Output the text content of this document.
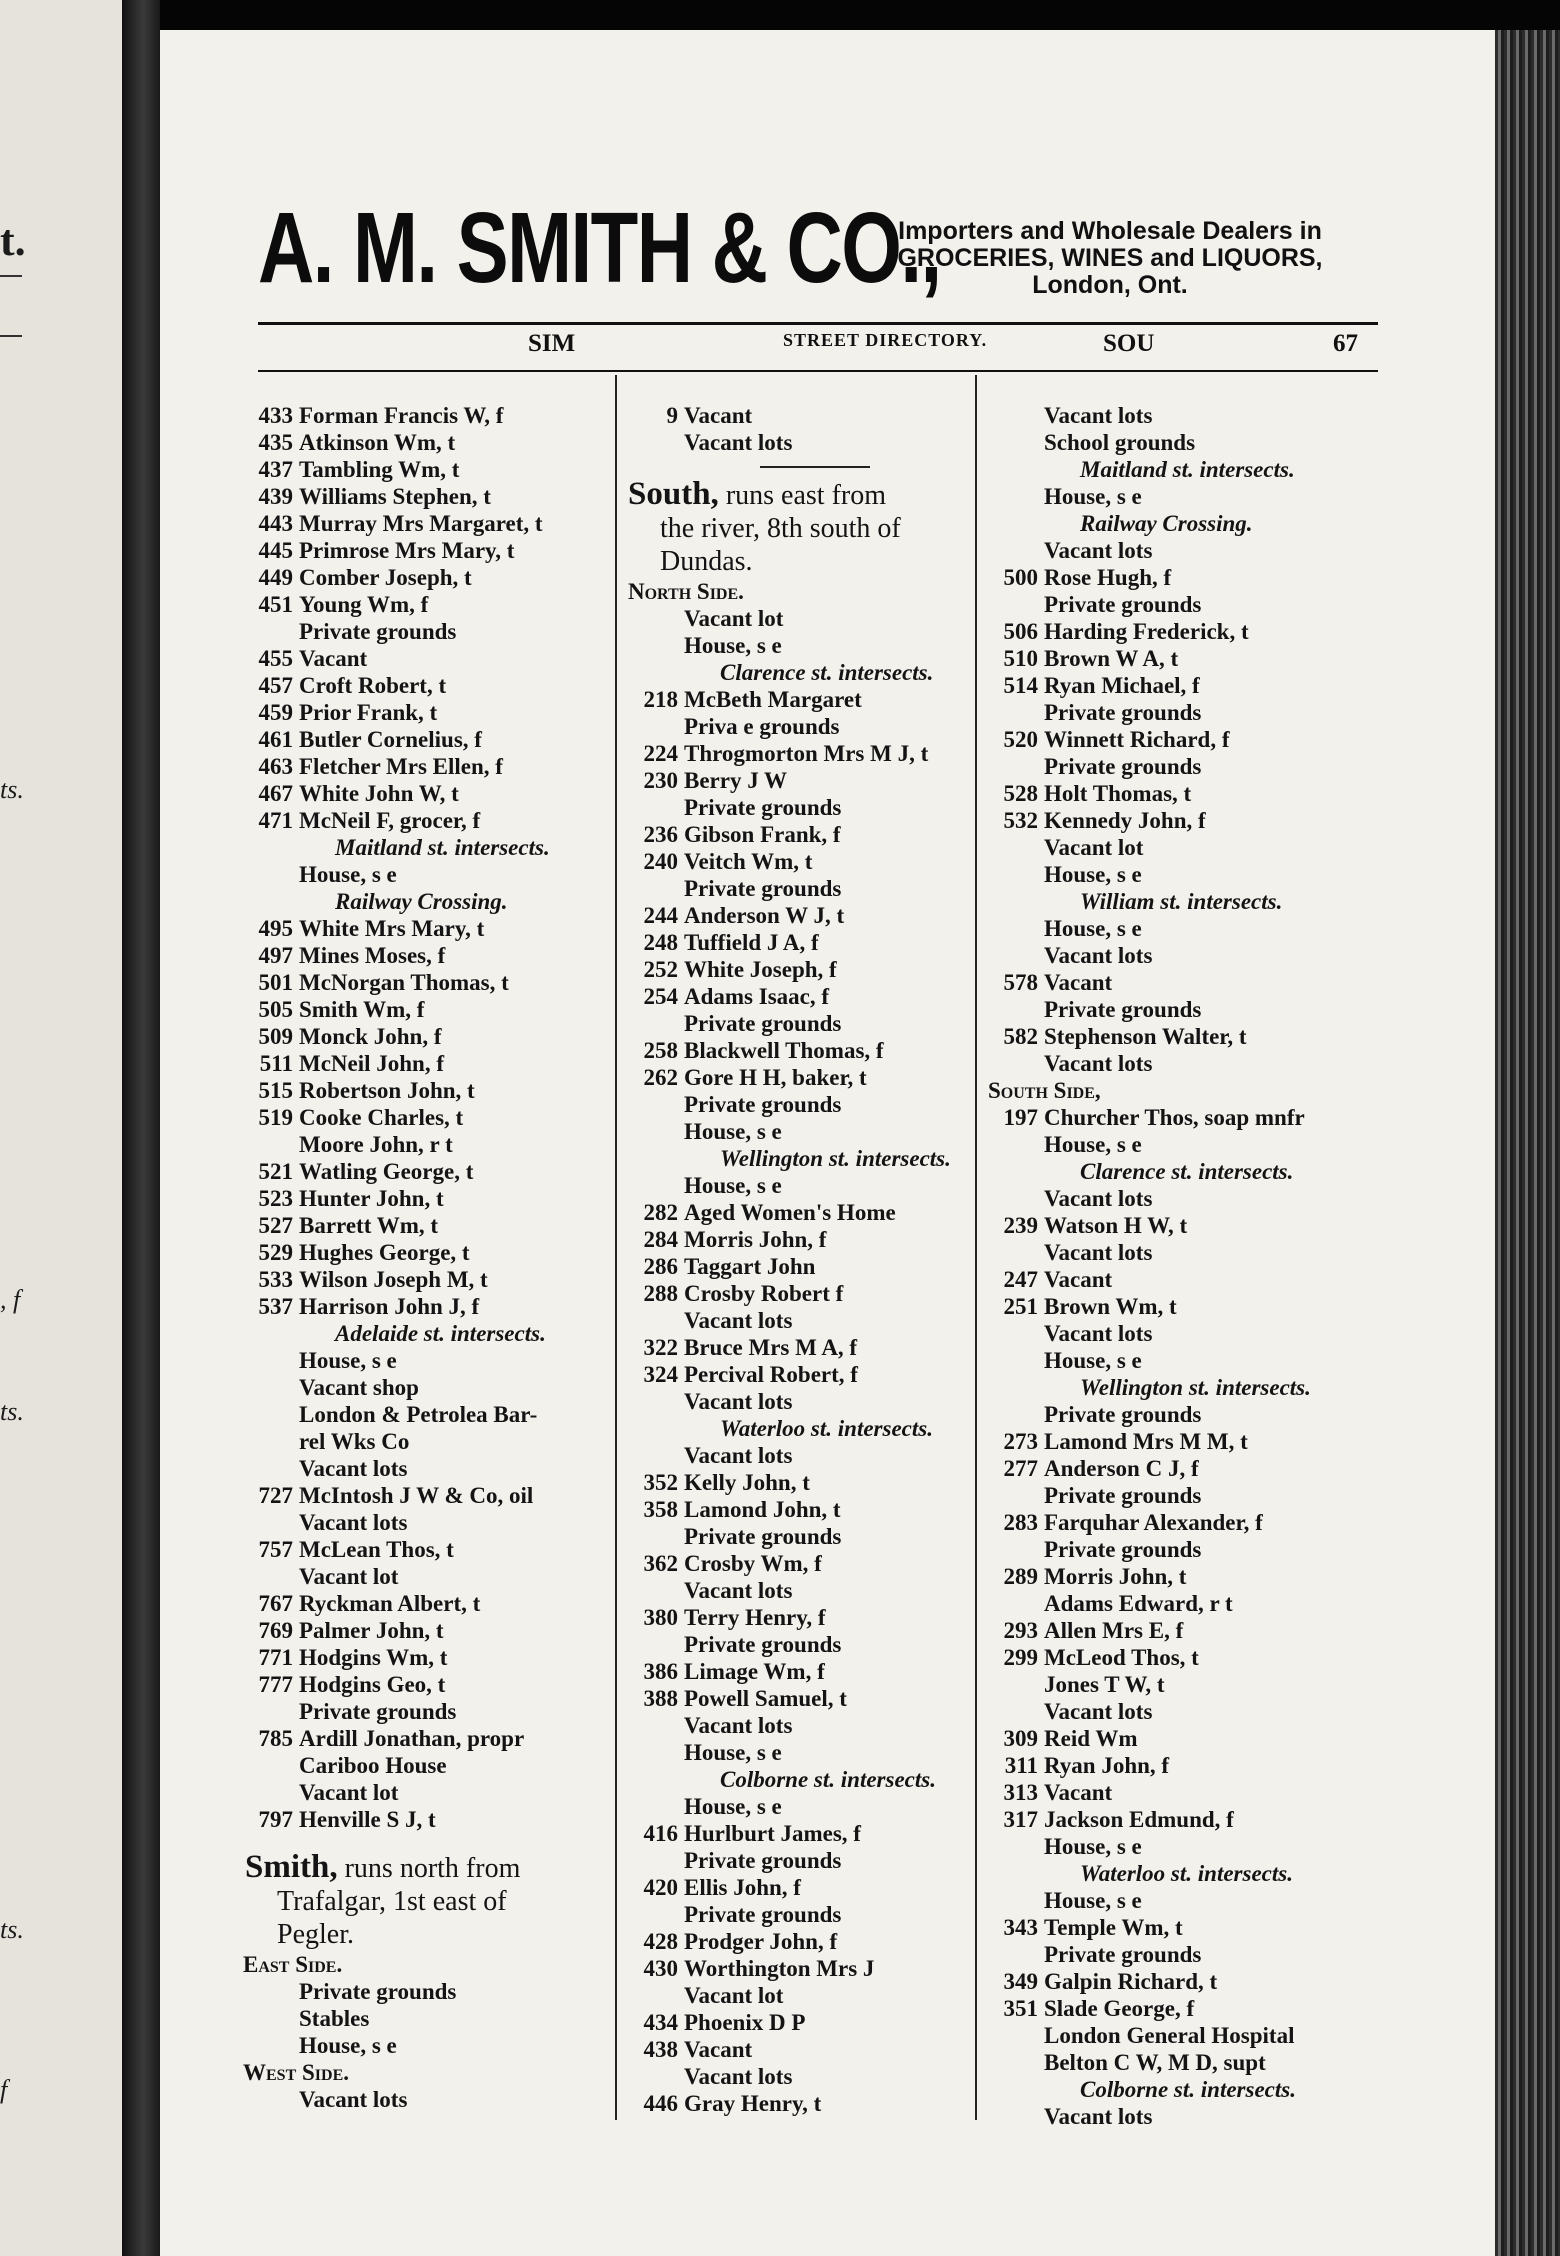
t.
ts.
, f
ts.
ts.
f
A. M. SMITH & CO.,
Importers and Wholesale Dealers in
GROCERIES, WINES and LIQUORS,
London, Ont.
SIM	STREET DIRECTORY.	SOU	67
433 Forman Francis W, f
435 Atkinson Wm, t
437 Tambling Wm, t
439 Williams Stephen, t
443 Murray Mrs Margaret, t
445 Primrose Mrs Mary, t
449 Comber Joseph, t
451 Young Wm, f
Private grounds
455 Vacant
457 Croft Robert, t
459 Prior Frank, t
461 Butler Cornelius, f
463 Fletcher Mrs Ellen, f
467 White John W, t
471 McNeil F, grocer, f
Maitland st. intersects.
House, s e
Railway Crossing.
495 White Mrs Mary, t
497 Mines Moses, f
501 McNorgan Thomas, t
505 Smith Wm, f
509 Monck John, f
511 McNeil John, f
515 Robertson John, t
519 Cooke Charles, t
Moore John, r t
521 Watling George, t
523 Hunter John, t
527 Barrett Wm, t
529 Hughes George, t
533 Wilson Joseph M, t
537 Harrison John J, f
Adelaide st. intersects.
House, s e
Vacant shop
London & Petrolea Bar-
rel Wks Co
Vacant lots
727 McIntosh J W & Co, oil
Vacant lots
757 McLean Thos, t
Vacant lot
767 Ryckman Albert, t
769 Palmer John, t
771 Hodgins Wm, t
777 Hodgins Geo, t
Private grounds
785 Ardill Jonathan, propr
Cariboo House
Vacant lot
797 Henville S J, t
Smith, runs north from
Trafalgar, 1st east of
Pegler.
East Side.
Private grounds
Stables
House, s e
West Side.
Vacant lots
9 Vacant
Vacant lots
South, runs east from
the river, 8th south of
Dundas.
North Side.
Vacant lot
House, s e
Clarence st. intersects.
218 McBeth Margaret
Priva e grounds
224 Throgmorton Mrs M J, t
230 Berry J W
Private grounds
236 Gibson Frank, f
240 Veitch Wm, t
Private grounds
244 Anderson W J, t
248 Tuffield J A, f
252 White Joseph, f
254 Adams Isaac, f
Private grounds
258 Blackwell Thomas, f
262 Gore H H, baker, t
Private grounds
House, s e
Wellington st. intersects.
House, s e
282 Aged Women's Home
284 Morris John, f
286 Taggart John
288 Crosby Robert f
Vacant lots
322 Bruce Mrs M A, f
324 Percival Robert, f
Vacant lots
Waterloo st. intersects.
Vacant lots
352 Kelly John, t
358 Lamond John, t
Private grounds
362 Crosby Wm, f
Vacant lots
380 Terry Henry, f
Private grounds
386 Limage Wm, f
388 Powell Samuel, t
Vacant lots
House, s e
Colborne st. intersects.
House, s e
416 Hurlburt James, f
Private grounds
420 Ellis John, f
Private grounds
428 Prodger John, f
430 Worthington Mrs J
Vacant lot
434 Phoenix D P
438 Vacant
Vacant lots
446 Gray Henry, t
Vacant lots
School grounds
Maitland st. intersects.
House, s e
Railway Crossing.
Vacant lots
500 Rose Hugh, f
Private grounds
506 Harding Frederick, t
510 Brown W A, t
514 Ryan Michael, f
Private grounds
520 Winnett Richard, f
Private grounds
528 Holt Thomas, t
532 Kennedy John, f
Vacant lot
House, s e
William st. intersects.
House, s e
Vacant lots
578 Vacant
Private grounds
582 Stephenson Walter, t
Vacant lots
South Side,
197 Churcher Thos, soap mnfr
House, s e
Clarence st. intersects.
Vacant lots
239 Watson H W, t
Vacant lots
247 Vacant
251 Brown Wm, t
Vacant lots
House, s e
Wellington st. intersects.
Private grounds
273 Lamond Mrs M M, t
277 Anderson C J, f
Private grounds
283 Farquhar Alexander, f
Private grounds
289 Morris John, t
Adams Edward, r t
293 Allen Mrs E, f
299 McLeod Thos, t
Jones T W, t
Vacant lots
309 Reid Wm
311 Ryan John, f
313 Vacant
317 Jackson Edmund, f
House, s e
Waterloo st. intersects.
House, s e
343 Temple Wm, t
Private grounds
349 Galpin Richard, t
351 Slade George, f
London General Hospital
Belton C W, M D, supt
Colborne st. intersects.
Vacant lots
